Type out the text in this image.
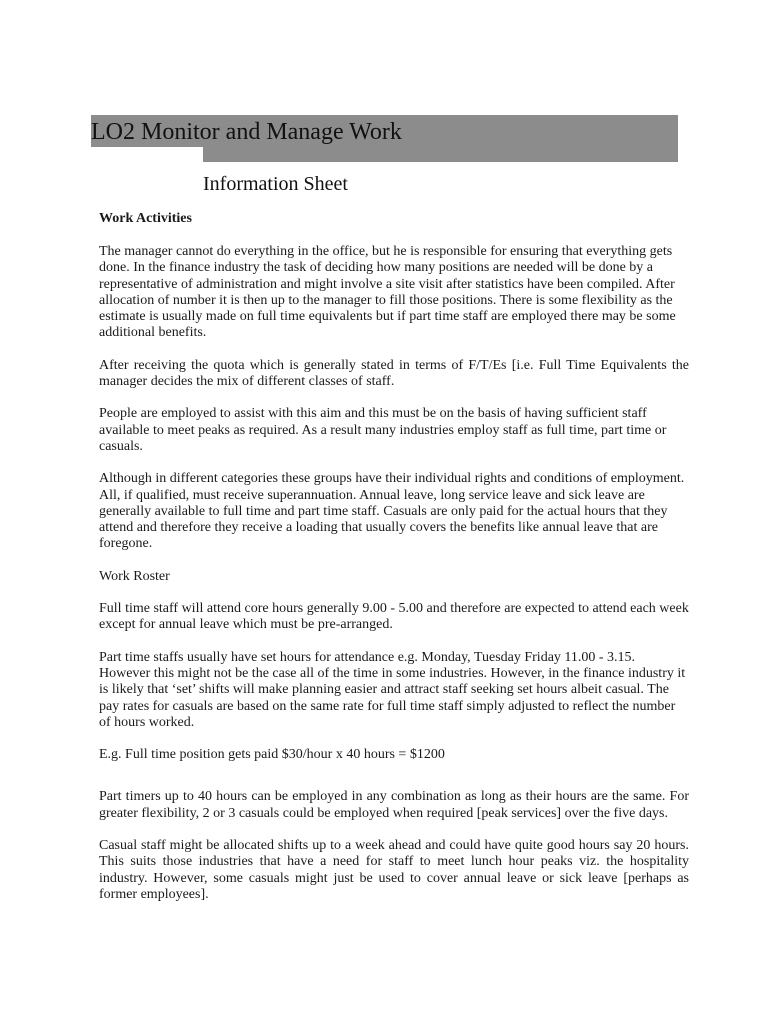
LO2 Monitor and Manage Work
Information Sheet
Work Activities

The manager cannot do everything in the office, but he is responsible for ensuring that everything gets done. In the finance industry the task of deciding how many positions are needed will be done by a representative of administration and might involve a site visit after statistics have been compiled. After allocation of number it is then up to the manager to fill those positions. There is some flexibility as the estimate is usually made on full time equivalents but if part time staff are employed there may be some additional benefits.

After receiving the quota which is generally stated in terms of F/T/Es [i.e. Full Time Equivalents the manager decides the mix of different classes of staff.

People are employed to assist with this aim and this must be on the basis of having sufficient staff available to meet peaks as required. As a result many industries employ staff as full time, part time or casuals.

Although in different categories these groups have their individual rights and conditions of employment. All, if qualified, must receive superannuation. Annual leave, long service leave and sick leave are generally available to full time and part time staff. Casuals are only paid for the actual hours that they attend and therefore they receive a loading that usually covers the benefits like annual leave that are foregone.

Work Roster

Full time staff will attend core hours generally 9.00 - 5.00 and therefore are expected to attend each week except for annual leave which must be pre-arranged.

Part time staffs usually have set hours for attendance e.g. Monday, Tuesday Friday 11.00 - 3.15. However this might not be the case all of the time in some industries. However, in the finance industry it is likely that ‘set’ shifts will make planning easier and attract staff seeking set hours albeit casual. The pay rates for casuals are based on the same rate for full time staff simply adjusted to reflect the number of hours worked.

E.g. Full time position gets paid $30/hour x 40 hours = $1200

Part timers up to 40 hours can be employed in any combination as long as their hours are the same. For greater flexibility, 2 or 3 casuals could be employed when required [peak services] over the five days.

Casual staff might be allocated shifts up to a week ahead and could have quite good hours say 20 hours. This suits those industries that have a need for staff to meet lunch hour peaks viz. the hospitality industry. However, some casuals might just be used to cover annual leave or sick leave [perhaps as former employees].
